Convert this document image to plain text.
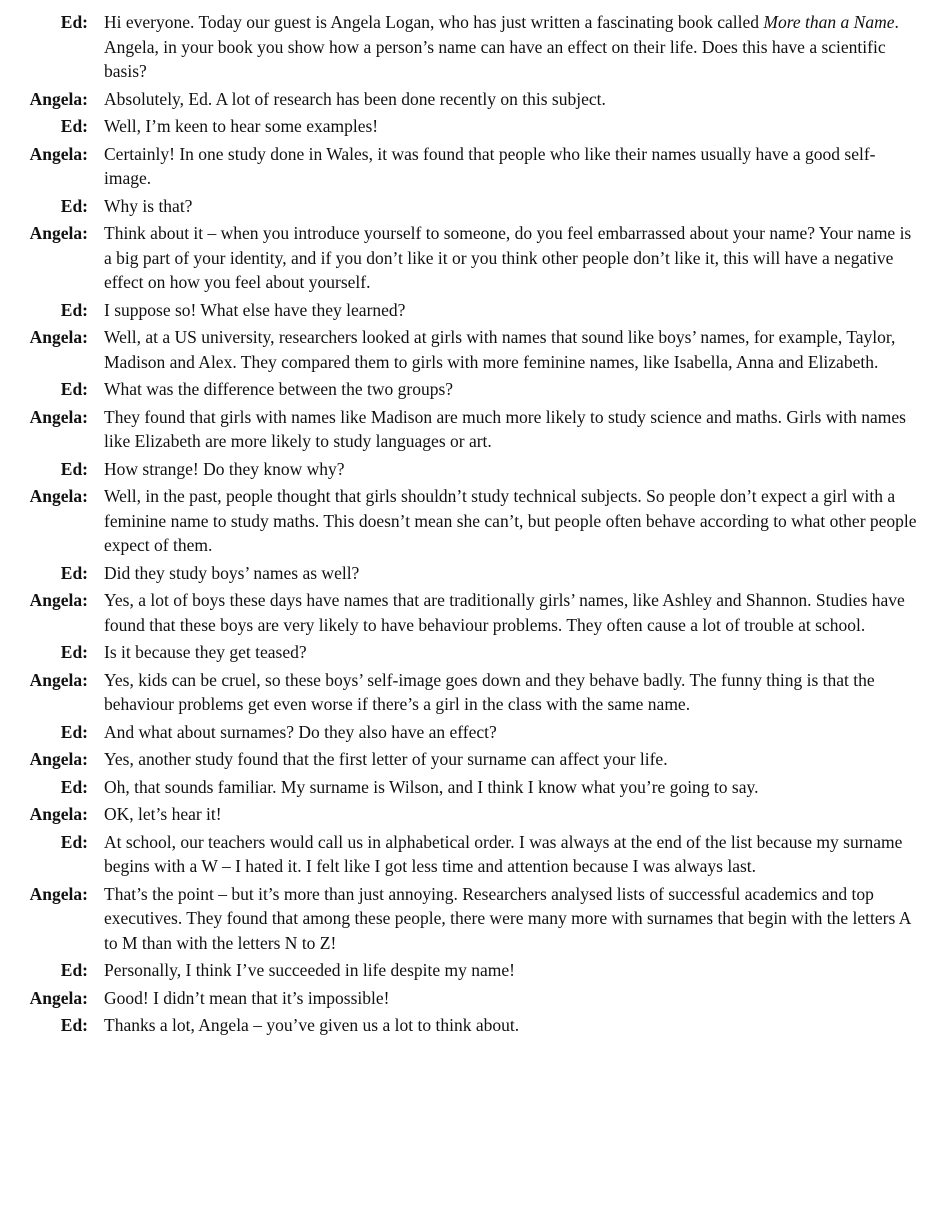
Ed: Hi everyone. Today our guest is Angela Logan, who has just written a fascinating book called More than a Name. Angela, in your book you show how a person’s name can have an effect on their life. Does this have a scientific basis?

Angela: Absolutely, Ed. A lot of research has been done recently on this subject.

Ed: Well, I’m keen to hear some examples!

Angela: Certainly! In one study done in Wales, it was found that people who like their names usually have a good self-image.

Ed: Why is that?

Angela: Think about it – when you introduce yourself to someone, do you feel embarrassed about your name? Your name is a big part of your identity, and if you don’t like it or you think other people don’t like it, this will have a negative effect on how you feel about yourself.

Ed: I suppose so! What else have they learned?

Angela: Well, at a US university, researchers looked at girls with names that sound like boys’ names, for example, Taylor, Madison and Alex. They compared them to girls with more feminine names, like Isabella, Anna and Elizabeth.

Ed: What was the difference between the two groups?

Angela: They found that girls with names like Madison are much more likely to study science and maths. Girls with names like Elizabeth are more likely to study languages or art.

Ed: How strange! Do they know why?

Angela: Well, in the past, people thought that girls shouldn’t study technical subjects. So people don’t expect a girl with a feminine name to study maths. This doesn’t mean she can’t, but people often behave according to what other people expect of them.

Ed: Did they study boys’ names as well?

Angela: Yes, a lot of boys these days have names that are traditionally girls’ names, like Ashley and Shannon. Studies have found that these boys are very likely to have behaviour problems. They often cause a lot of trouble at school.

Ed: Is it because they get teased?

Angela: Yes, kids can be cruel, so these boys’ self-image goes down and they behave badly. The funny thing is that the behaviour problems get even worse if there’s a girl in the class with the same name.

Ed: And what about surnames? Do they also have an effect?

Angela: Yes, another study found that the first letter of your surname can affect your life.

Ed: Oh, that sounds familiar. My surname is Wilson, and I think I know what you’re going to say.

Angela: OK, let’s hear it!

Ed: At school, our teachers would call us in alphabetical order. I was always at the end of the list because my surname begins with a W – I hated it. I felt like I got less time and attention because I was always last.

Angela: That’s the point – but it’s more than just annoying. Researchers analysed lists of successful academics and top executives. They found that among these people, there were many more with surnames that begin with the letters A to M than with the letters N to Z!

Ed: Personally, I think I’ve succeeded in life despite my name!

Angela: Good! I didn’t mean that it’s impossible!

Ed: Thanks a lot, Angela – you’ve given us a lot to think about.
